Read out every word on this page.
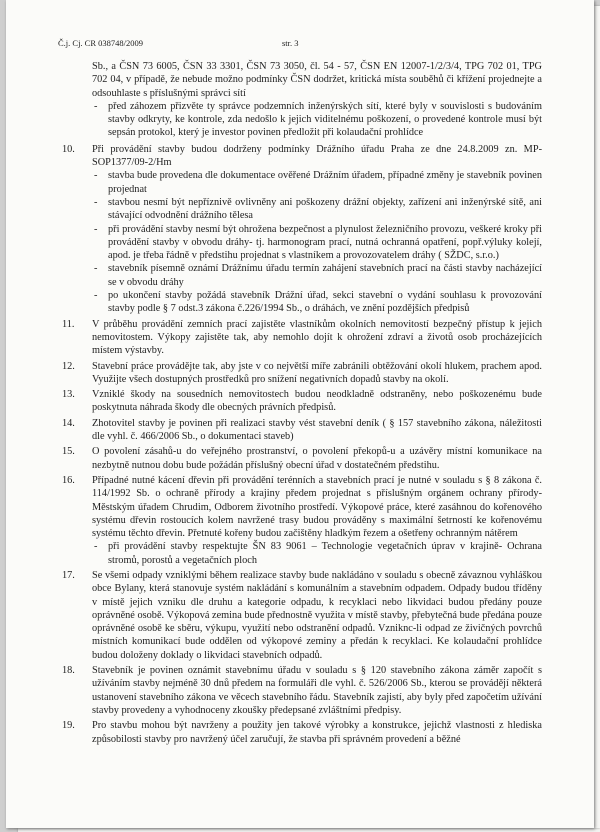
Č.j. Cj. CR 038748/2009	str. 3

Sb., a ČSN 73 6005, ČSN 33 3301, ČSN 73 3050, čl. 54 - 57, ČSN EN 12007-1/2/3/4, TPG 702 01, TPG 702 04, v případě, že nebude možno podmínky ČSN dodržet, kritická místa souběhů či křížení projednejte a odsouhlaste s příslušnými správci sítí

- před záhozem přizvěte ty správce podzemních inženýrských sítí, které byly v souvislosti s budováním stavby odkryty, ke kontrole, zda nedošlo k jejich viditelnému poškození, o provedené kontrole musí být sepsán protokol, který je investor povinen předložit při kolaudační prohlídce
10. Při provádění stavby budou dodrženy podmínky Drážního úřadu Praha ze dne 24.8.2009 zn. MP-SOP1377/09-2/Hm
- stavba bude provedena dle dokumentace ověřené Drážním úřadem, případné změny je stavebník povinen projednat
- stavbou nesmí být nepříznivě ovlivněny ani poškozeny drážní objekty, zařízení ani inženýrské sítě, ani stávající odvodnění drážního tělesa
- při provádění stavby nesmí být ohrožena bezpečnost a plynulost železničního provozu, veškeré kroky při provádění stavby v obvodu dráhy- tj. harmonogram prací, nutná ochranná opatření, popř.výluky kolejí, apod. je třeba řádně v předstihu projednat s vlastníkem a provozovatelem dráhy ( SŽDC, s.r.o.)
- stavebník písemně oznámí Drážnímu úřadu termín zahájení stavebních prací na části stavby nacházející se v obvodu dráhy
- po ukončení stavby požádá stavebník Drážní úřad, sekci stavební o vydání souhlasu k provozování stavby podle § 7 odst.3 zákona č.226/1994 Sb., o dráhách, ve znění pozdějších předpisů
11. V průběhu provádění zemních prací zajistěte vlastníkům okolních nemovitostí bezpečný přístup k jejich nemovitostem. Výkopy zajistěte tak, aby nemohlo dojít k ohrožení zdraví a životů osob procházejících místem výstavby.
12. Stavební práce provádějte tak, aby jste v co největší míře zabránili obtěžování okolí hlukem, prachem apod. Využijte všech dostupných prostředků pro snížení negativních dopadů stavby na okolí.
13. Vzniklé škody na sousedních nemovitostech budou neodkladně odstraněny, nebo poškozenému bude poskytnuta náhrada škody dle obecných právních předpisů.
14. Zhotovitel stavby je povinen při realizaci stavby vést stavební deník ( § 157 stavebního zákona, náležitosti dle vyhl. č. 466/2006 Sb., o dokumentaci staveb)
15. O povolení zásahů-u do veřejného prostranství, o povolení překopů-u a uzávěry místní komunikace na nezbytně nutnou dobu bude požádán příslušný obecní úřad v dostatečném předstihu.
16. Případné nutné kácení dřevin při provádění terénních a stavebních prací je nutné v souladu s § 8 zákona č. 114/1992 Sb. o ochraně přírody a krajiny předem projednat s příslušným orgánem ochrany přírody- Městským úřadem Chrudim, Odborem životního prostředí. Výkopové práce, které zasáhnou do kořenového systému dřevin rostoucích kolem navržené trasy budou prováděny s maximální šetrností ke kořenovému systému těchto dřevin. Přetnuté kořeny budou začištěny hladkým řezem a ošetřeny ochranným nátěrem
- při provádění stavby respektujte ŠN 83 9061 – Technologie vegetačních úprav v krajině- Ochrana stromů, porostů a vegetačních ploch
17. Se všemi odpady vzniklými během realizace stavby bude nakládáno v souladu s obecně závaznou vyhláškou obce Bylany, která stanovuje systém nakládání s komunálním a stavebním odpadem. Odpady budou tříděny v místě jejich vzniku dle druhu a kategorie odpadu, k recyklaci nebo likvidaci budou předány pouze oprávněné osobě. Výkopová zemina bude přednostně využita v místě stavby, přebytečná bude předána pouze oprávněné osobě ke sběru, výkupu, využití nebo odstranění odpadů. Vzniknc-li odpad ze živičných povrchů místních komunikací bude oddělen od výkopové zeminy a předán k recyklaci. Ke kolaudační prohlídce budou doloženy doklady o likvidaci stavebních odpadů.
18. Stavebník je povinen oznámit stavebnímu úřadu v souladu s § 120 stavebního zákona záměr započít s užíváním stavby nejméně 30 dnů předem na formuláři dle vyhl. č. 526/2006 Sb., kterou se provádějí některá ustanovení stavebního zákona ve věcech stavebního řádu. Stavebník zajistí, aby byly před započetím užívání stavby provedeny a vyhodnoceny zkoušky předepsané zvláštními předpisy.
19. Pro stavbu mohou být navrženy a použity jen takové výrobky a konstrukce, jejichž vlastnosti z hlediska způsobilosti stavby pro navržený účel zaručují, že stavba při správném provedení a běžné
